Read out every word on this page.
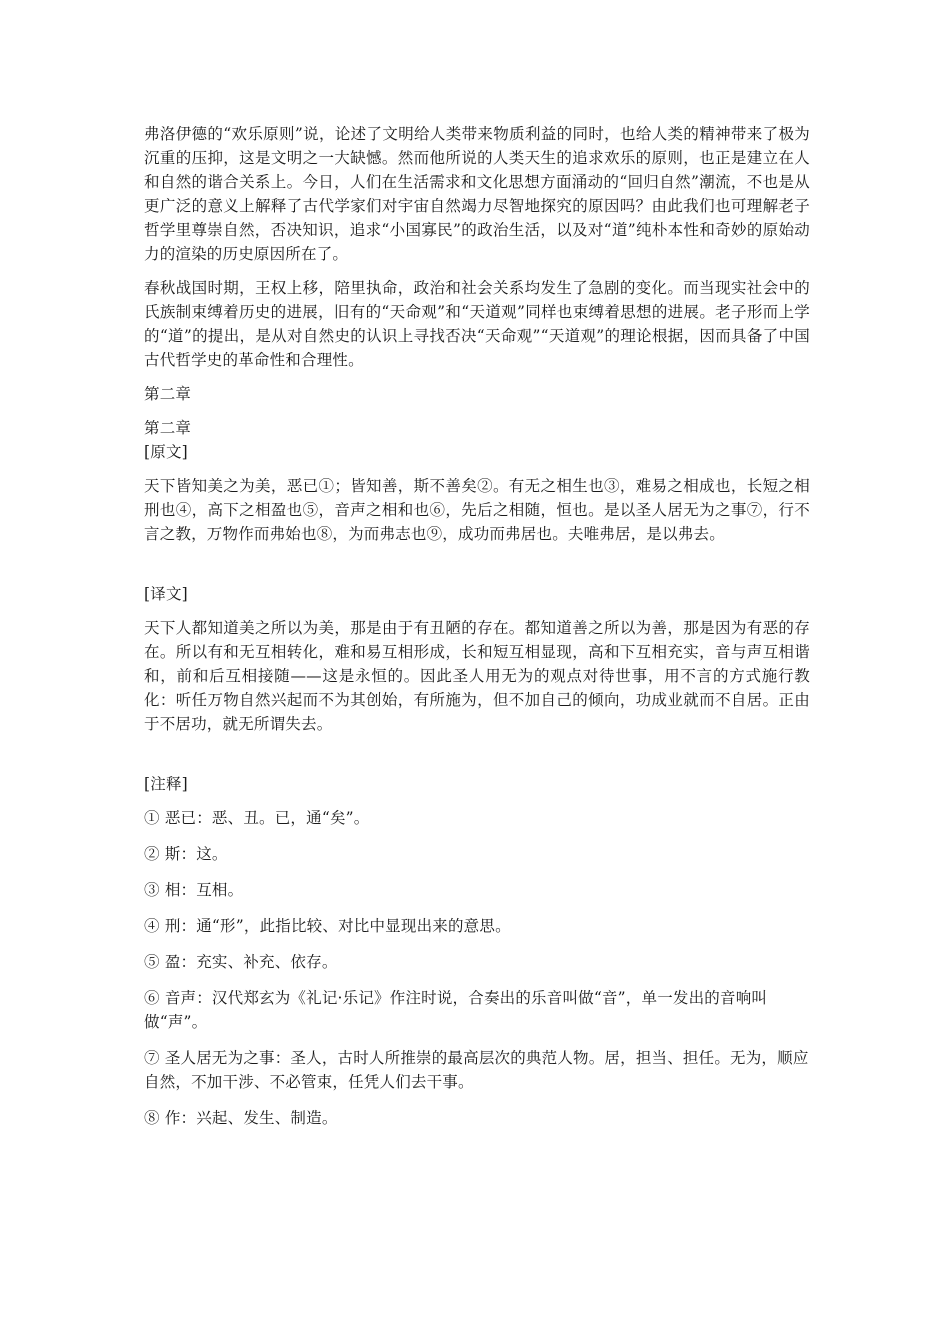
弗洛伊德的“欢乐原则”说，论述了文明给人类带来物质利益的同时，也给人类的精神带来了极为沉重的压抑，这是文明之一大缺憾。然而他所说的人类天生的追求欢乐的原则，也正是建立在人和自然的谐合关系上。今日，人们在生活需求和文化思想方面涌动的“回归自然”潮流，不也是从更广泛的意义上解释了古代学家们对宇宙自然竭力尽智地探究的原因吗？由此我们也可理解老子哲学里尊崇自然，否决知识，追求“小国寡民”的政治生活，以及对“道”纯朴本性和奇妙的原始动力的渲染的历史原因所在了。

春秋战国时期，王权上移，陪里执命，政治和社会关系均发生了急剧的变化。而当现实社会中的氏族制束缚着历史的进展，旧有的“天命观”和“天道观”同样也束缚着思想的进展。老子形而上学的“道”的提出，是从对自然史的认识上寻找否决“天命观”“天道观”的理论根据，因而具备了中国古代哲学史的革命性和合理性。

第二章

第二章

[原文]

天下皆知美之为美，恶已①；皆知善，斯不善矣②。有无之相生也③，难易之相成也，长短之相刑也④，高下之相盈也⑤，音声之相和也⑥，先后之相随，恒也。是以圣人居无为之事⑦，行不言之教，万物作而弗始也⑧，为而弗志也⑨，成功而弗居也。夫唯弗居，是以弗去。

[译文]

天下人都知道美之所以为美，那是由于有丑陋的存在。都知道善之所以为善，那是因为有恶的存在。所以有和无互相转化，难和易互相形成，长和短互相显现，高和下互相充实，音与声互相谐和，前和后互相接随——这是永恒的。因此圣人用无为的观点对待世事，用不言的方式施行教化：听任万物自然兴起而不为其创始，有所施为，但不加自己的倾向，功成业就而不自居。正由于不居功，就无所谓失去。

[注释]

① 恶已：恶、丑。已，通“矣”。

② 斯：这。

③ 相：互相。

④ 刑：通“形”，此指比较、对比中显现出来的意思。

⑤ 盈：充实、补充、依存。

⑥ 音声：汉代郑玄为《礼记·乐记》作注时说，合奏出的乐音叫做“音”，单一发出的音响叫做“声”。

⑦ 圣人居无为之事：圣人，古时人所推崇的最高层次的典范人物。居，担当、担任。无为，顺应自然，不加干涉、不必管束，任凭人们去干事。

⑧ 作：兴起、发生、制造。
